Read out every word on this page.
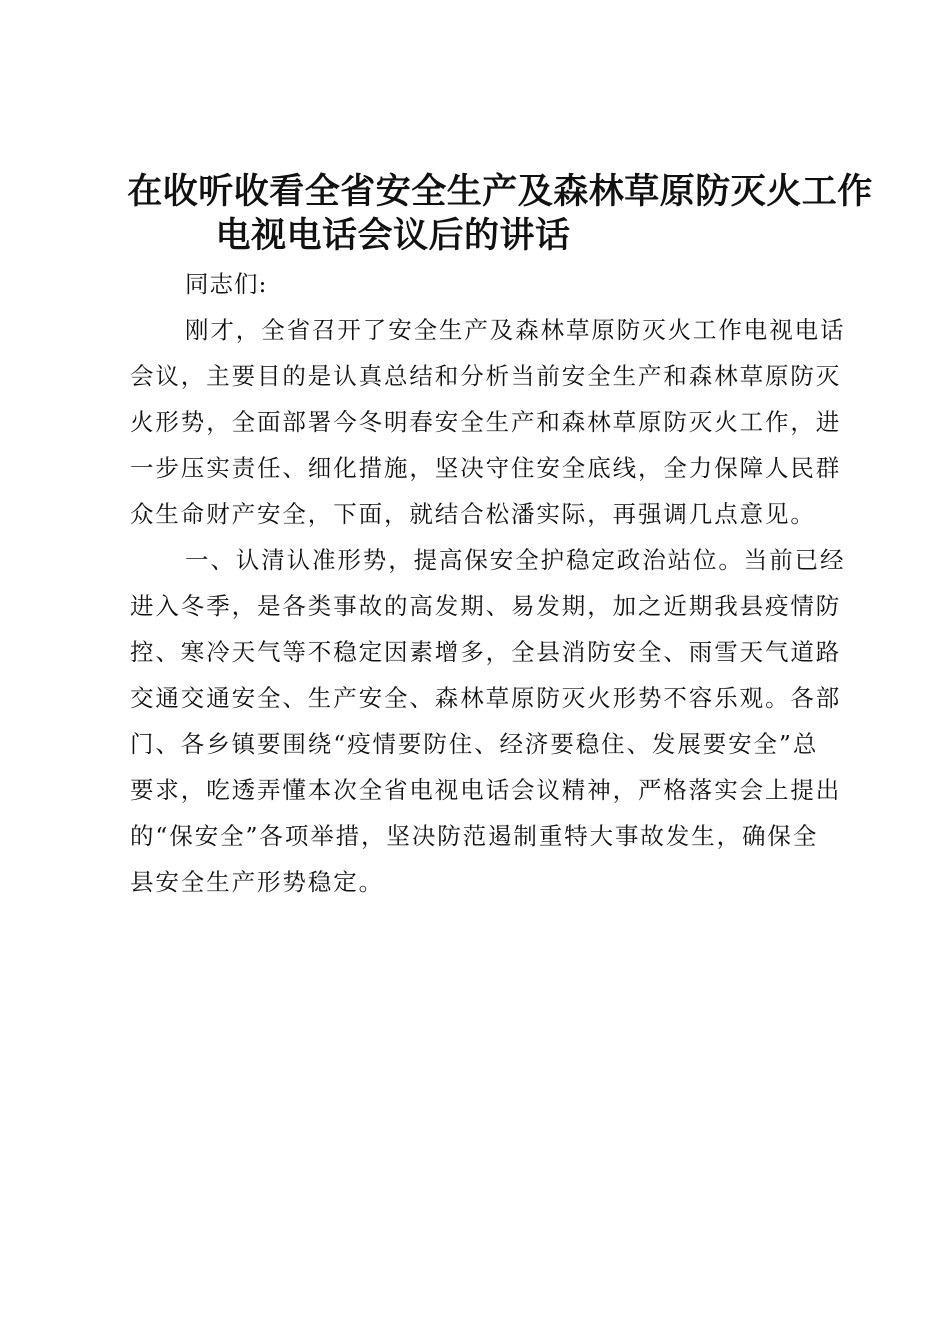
在收听收看全省安全生产及森林草原防灭火工作
电视电话会议后的讲话
同志们:
刚才，全省召开了安全生产及森林草原防灭火工作电视电话
会议，主要目的是认真总结和分析当前安全生产和森林草原防灭
火形势，全面部署今冬明春安全生产和森林草原防灭火工作，进
一步压实责任、细化措施，坚决守住安全底线，全力保障人民群
众生命财产安全，下面，就结合松潘实际，再强调几点意见。
一、认清认准形势，提高保安全护稳定政治站位。当前已经
进入冬季，是各类事故的高发期、易发期，加之近期我县疫情防
控、寒冷天气等不稳定因素增多，全县消防安全、雨雪天气道路
交通交通安全、生产安全、森林草原防灭火形势不容乐观。各部
门、各乡镇要围绕“疫情要防住、经济要稳住、发展要安全”总
要求，吃透弄懂本次全省电视电话会议精神，严格落实会上提出
的“保安全”各项举措，坚决防范遏制重特大事故发生，确保全
县安全生产形势稳定。
